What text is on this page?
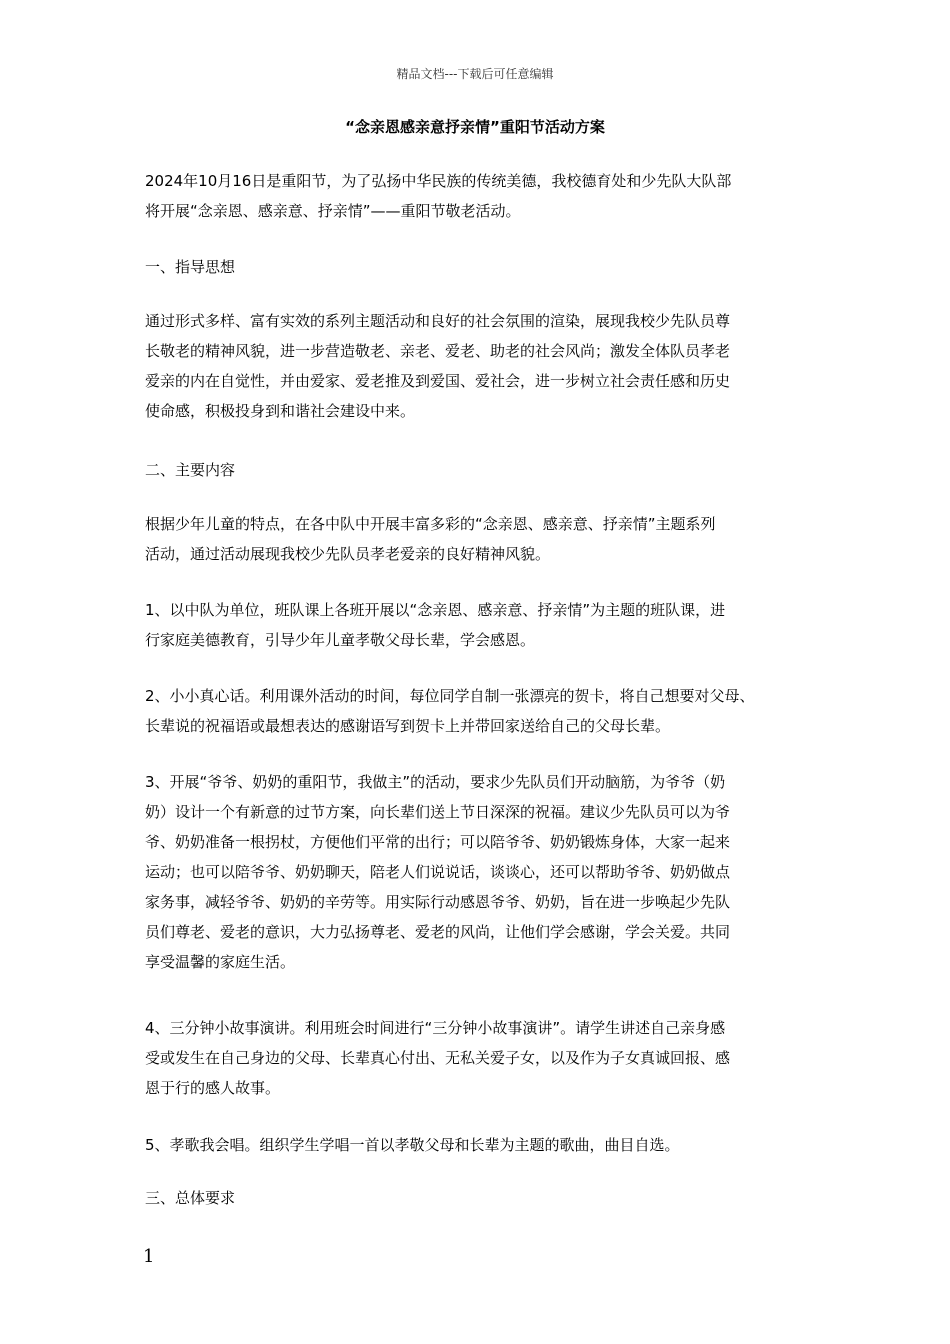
精品文档---下载后可任意编辑
“念亲恩感亲意抒亲情”重阳节活动方案

2024年10月16日是重阳节，为了弘扬中华民族的传统美德，我校德育处和少先队大队部
将开展“念亲恩、感亲意、抒亲情”——重阳节敬老活动。

一、指导思想

通过形式多样、富有实效的系列主题活动和良好的社会氛围的渲染，展现我校少先队员尊
长敬老的精神风貌，进一步营造敬老、亲老、爱老、助老的社会风尚；激发全体队员孝老
爱亲的内在自觉性，并由爱家、爱老推及到爱国、爱社会，进一步树立社会责任感和历史
使命感，积极投身到和谐社会建设中来。

二、主要内容

根据少年儿童的特点，在各中队中开展丰富多彩的“念亲恩、感亲意、抒亲情”主题系列
活动，通过活动展现我校少先队员孝老爱亲的良好精神风貌。

1、以中队为单位，班队课上各班开展以“念亲恩、感亲意、抒亲情”为主题的班队课，进
行家庭美德教育，引导少年儿童孝敬父母长辈，学会感恩。

2、小小真心话。利用课外活动的时间，每位同学自制一张漂亮的贺卡，将自己想要对父母、
长辈说的祝福语或最想表达的感谢语写到贺卡上并带回家送给自己的父母长辈。

3、开展“爷爷、奶奶的重阳节，我做主”的活动，要求少先队员们开动脑筋，为爷爷（奶
奶）设计一个有新意的过节方案，向长辈们送上节日深深的祝福。建议少先队员可以为爷
爷、奶奶准备一根拐杖，方便他们平常的出行；可以陪爷爷、奶奶锻炼身体，大家一起来
运动；也可以陪爷爷、奶奶聊天，陪老人们说说话，谈谈心，还可以帮助爷爷、奶奶做点
家务事，减轻爷爷、奶奶的辛劳等。用实际行动感恩爷爷、奶奶，旨在进一步唤起少先队
员们尊老、爱老的意识，大力弘扬尊老、爱老的风尚，让他们学会感谢，学会关爱。共同
享受温馨的家庭生活。

4、三分钟小故事演讲。利用班会时间进行“三分钟小故事演讲”。请学生讲述自己亲身感
受或发生在自己身边的父母、长辈真心付出、无私关爱子女，以及作为子女真诚回报、感
恩于行的感人故事。

5、孝歌我会唱。组织学生学唱一首以孝敬父母和长辈为主题的歌曲，曲目自选。

三、总体要求

1
